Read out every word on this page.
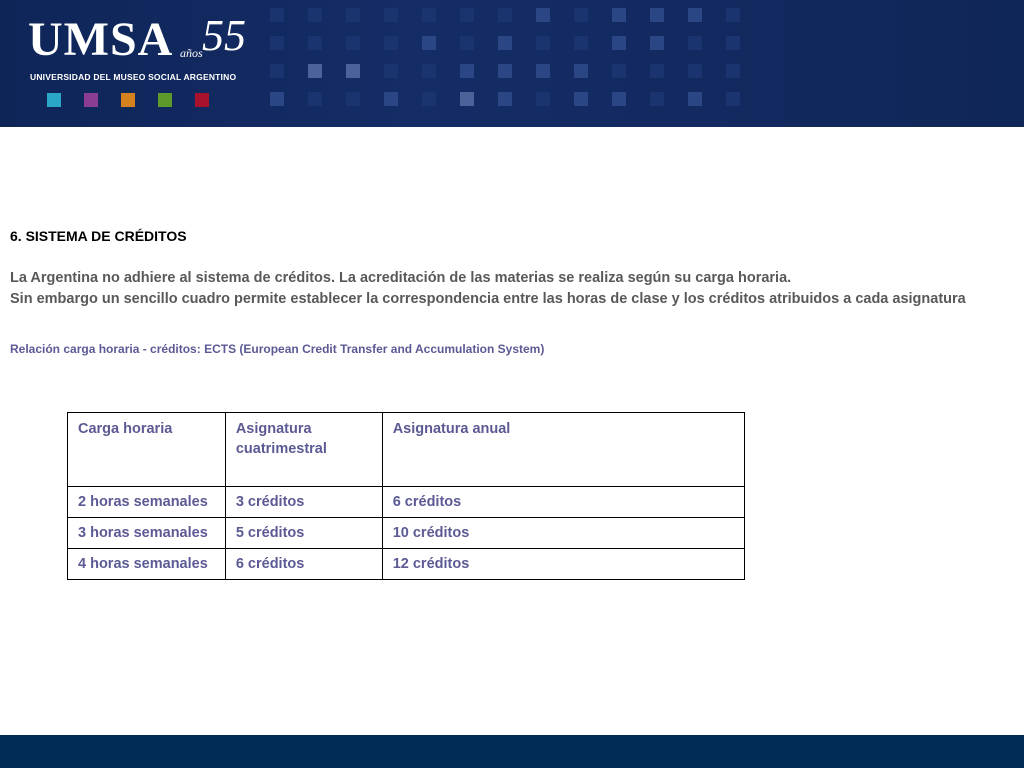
UMSA años 55
UNIVERSIDAD DEL MUSEO SOCIAL ARGENTINO

6. SISTEMA DE CRÉDITOS

La Argentina no adhiere al sistema de créditos. La acreditación de las materias se realiza según su carga horaria.

Sin embargo un sencillo cuadro permite establecer la correspondencia entre las horas de clase y los créditos atribuidos a cada asignatura

Relación carga horaria - créditos: ECTS (European Credit Transfer and Accumulation System)

Carga horaria	Asignatura cuatrimestral	Asignatura anual
2 horas semanales	3 créditos	6 créditos
3 horas semanales	5 créditos	10 créditos
4 horas semanales	6 créditos	12 créditos
